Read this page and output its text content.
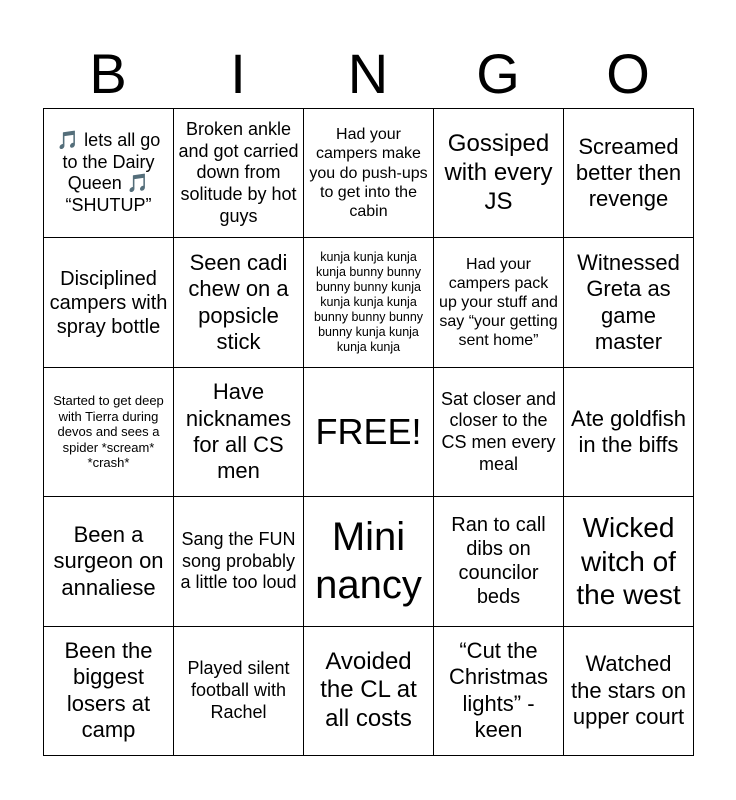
B	I	N	G	O
🎵 lets all go to the Dairy Queen 🎵 “SHUTUP”	Broken ankle and got carried down from solitude by hot guys	Had your campers make you do push-ups to get into the cabin	Gossiped with every JS	Screamed better then revenge
Disciplined campers with spray bottle	Seen cadi chew on a popsicle stick	kunja kunja kunja kunja bunny bunny bunny bunny kunja kunja kunja kunja bunny bunny bunny bunny kunja kunja kunja kunja	Had your campers pack up your stuff and say “your getting sent home”	Witnessed Greta as game master
Started to get deep with Tierra during devos and sees a spider *scream* *crash*	Have nicknames for all CS men	FREE!	Sat closer and closer to the CS men every meal	Ate goldfish in the biffs
Been a surgeon on annaliese	Sang the FUN song probably a little too loud	Mini nancy	Ran to call dibs on councilor beds	Wicked witch of the west
Been the biggest losers at camp	Played silent football with Rachel	Avoided the CL at all costs	“Cut the Christmas lights” - keen	Watched the stars on upper court
